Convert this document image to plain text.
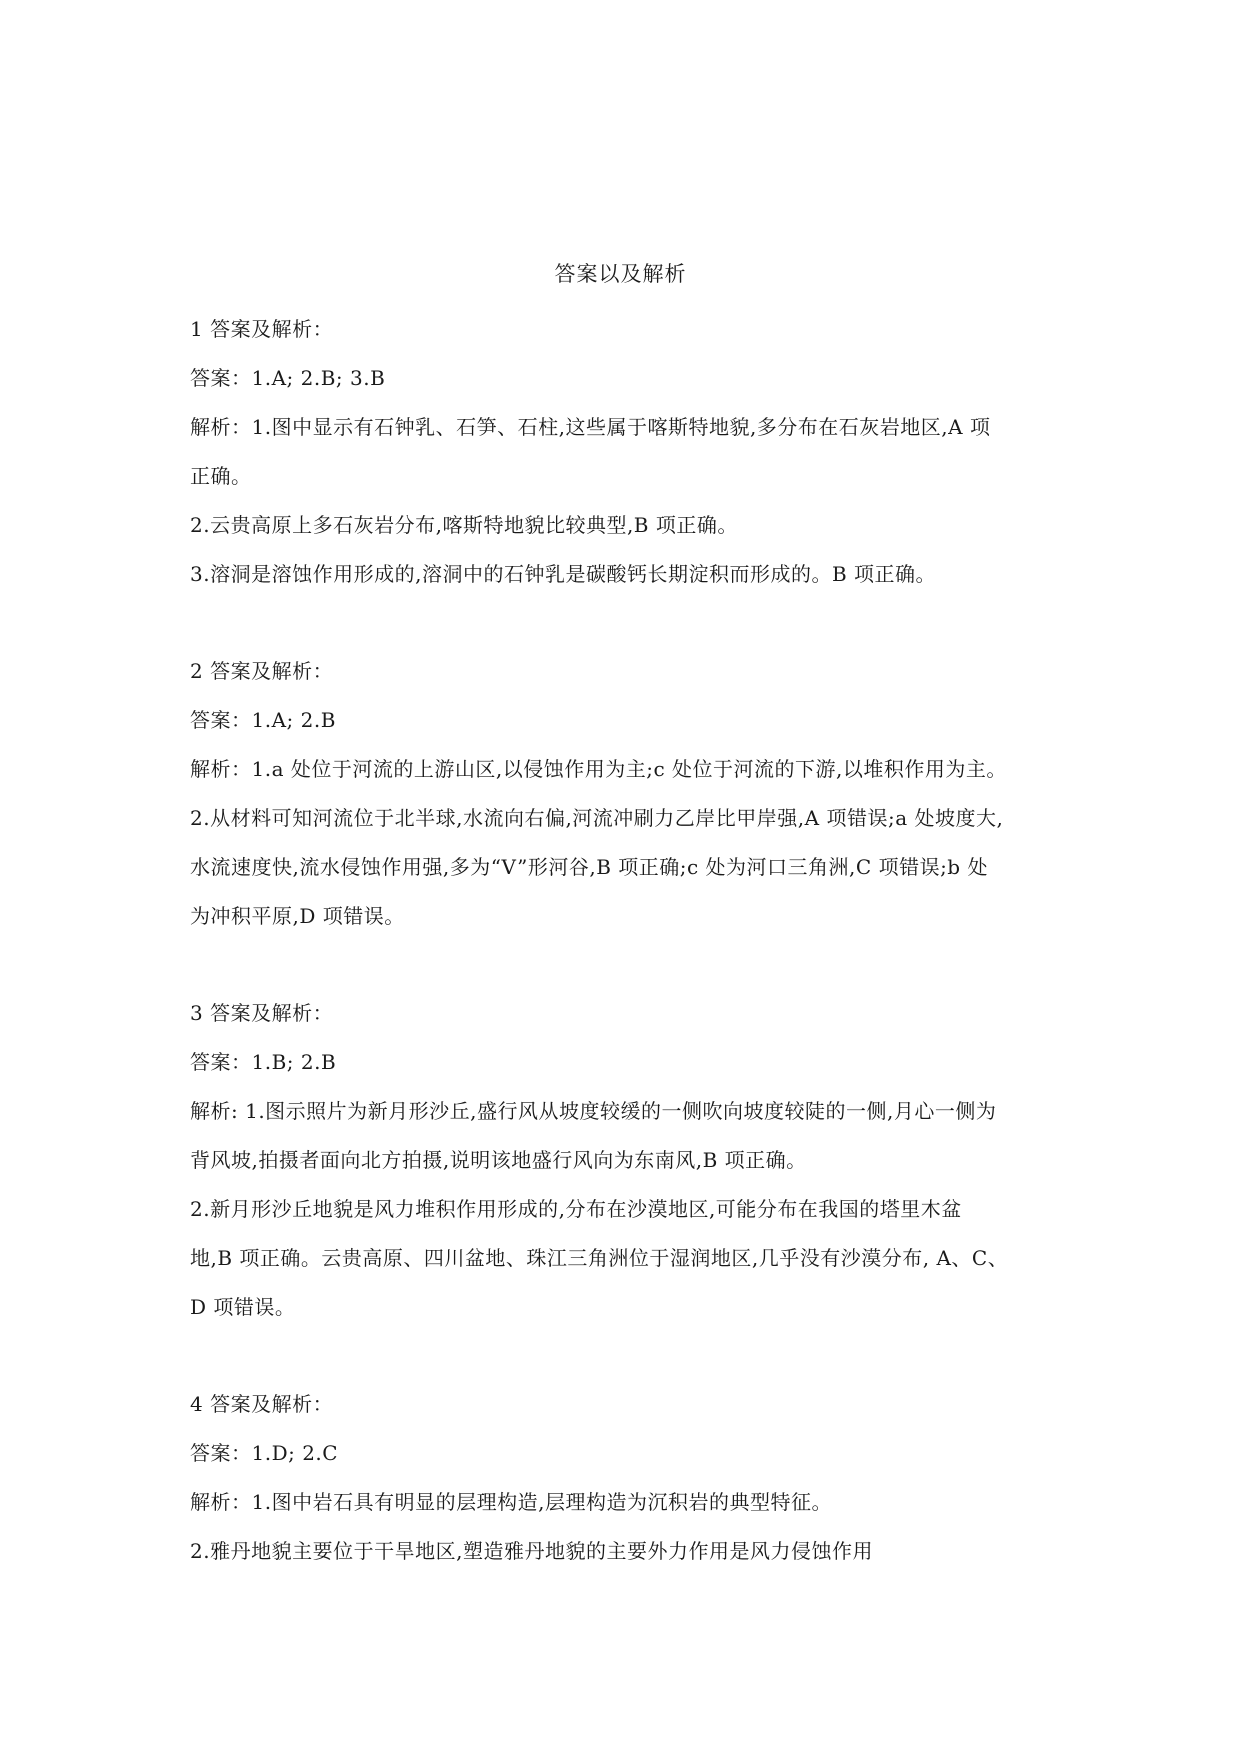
答案以及解析

1 答案及解析：

答案：1.A; 2.B; 3.B

解析：1.图中显示有石钟乳、石笋、石柱,这些属于喀斯特地貌,多分布在石灰岩地区,A 项

正确。

2.云贵高原上多石灰岩分布,喀斯特地貌比较典型,B 项正确。

3.溶洞是溶蚀作用形成的,溶洞中的石钟乳是碳酸钙长期淀积而形成的。B 项正确。

2 答案及解析：

答案：1.A; 2.B

解析：1.a 处位于河流的上游山区,以侵蚀作用为主;c 处位于河流的下游,以堆积作用为主。

2.从材料可知河流位于北半球,水流向右偏,河流冲刷力乙岸比甲岸强,A 项错误;a 处坡度大,

水流速度快,流水侵蚀作用强,多为“V”形河谷,B 项正确;c 处为河口三角洲,C 项错误;b 处

为冲积平原,D 项错误。

3 答案及解析：

答案：1.B; 2.B

解析: 1.图示照片为新月形沙丘,盛行风从坡度较缓的一侧吹向坡度较陡的一侧,月心一侧为

背风坡,拍摄者面向北方拍摄,说明该地盛行风向为东南风,B 项正确。

2.新月形沙丘地貌是风力堆积作用形成的,分布在沙漠地区,可能分布在我国的塔里木盆

地,B 项正确。云贵高原、四川盆地、珠江三角洲位于湿润地区,几乎没有沙漠分布, A、C、

D 项错误。

4 答案及解析：

答案：1.D; 2.C

解析：1.图中岩石具有明显的层理构造,层理构造为沉积岩的典型特征。

2.雅丹地貌主要位于干旱地区,塑造雅丹地貌的主要外力作用是风力侵蚀作用
